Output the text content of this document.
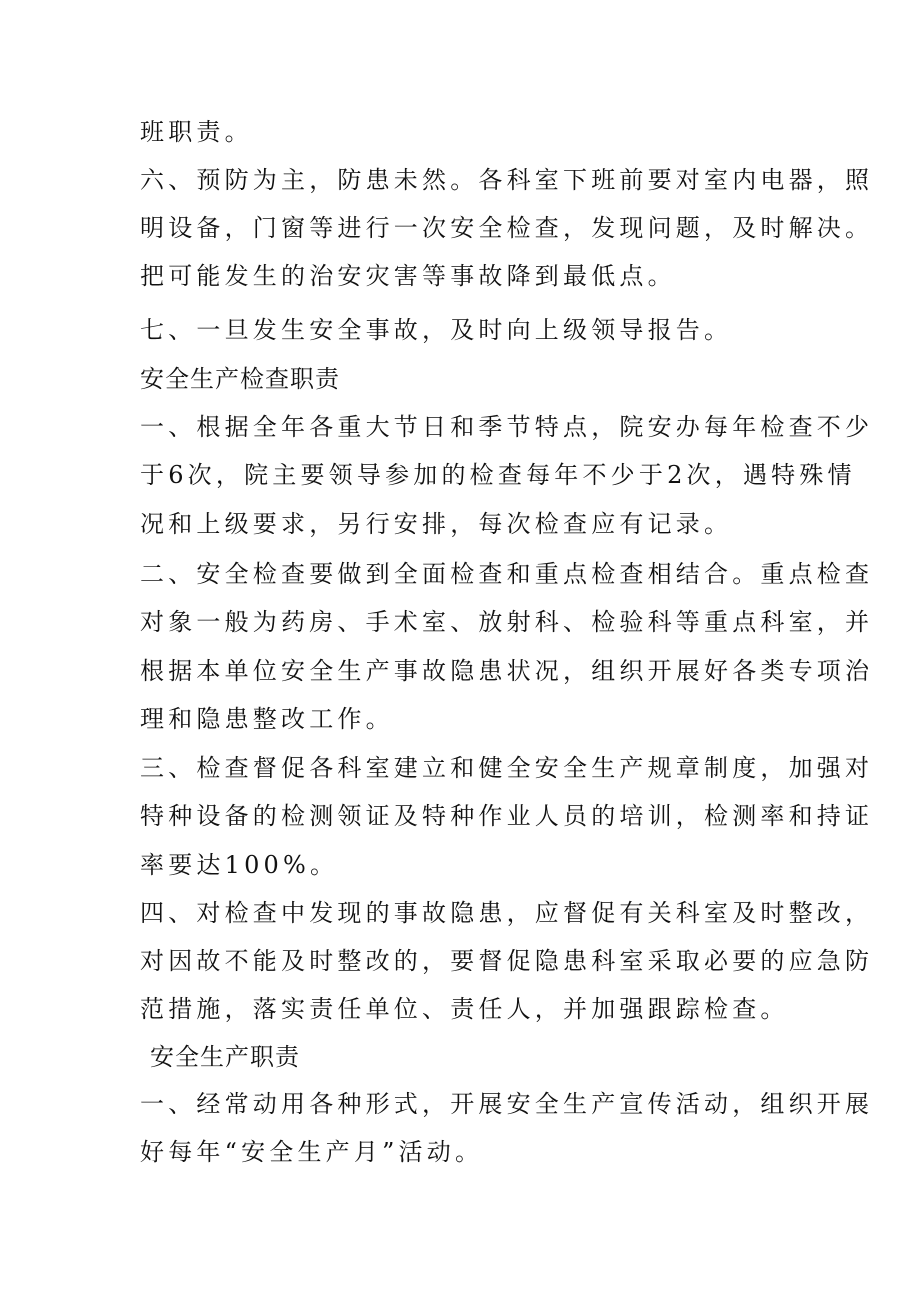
班职责。
六、预防为主，防患未然。各科室下班前要对室内电器，照
明设备，门窗等进行一次安全检查，发现问题，及时解决。
把可能发生的治安灾害等事故降到最低点。
七、一旦发生安全事故，及时向上级领导报告。
安全生产检查职责
一、根据全年各重大节日和季节特点，院安办每年检查不少
于6次，院主要领导参加的检查每年不少于2次，遇特殊情
况和上级要求，另行安排，每次检查应有记录。
二、安全检查要做到全面检查和重点检查相结合。重点检查
对象一般为药房、手术室、放射科、检验科等重点科室，并
根据本单位安全生产事故隐患状况，组织开展好各类专项治
理和隐患整改工作。
三、检查督促各科室建立和健全安全生产规章制度，加强对
特种设备的检测领证及特种作业人员的培训，检测率和持证
率要达100%。
四、对检查中发现的事故隐患，应督促有关科室及时整改，
对因故不能及时整改的，要督促隐患科室采取必要的应急防
范措施，落实责任单位、责任人，并加强跟踪检查。
安全生产职责
一、经常动用各种形式，开展安全生产宣传活动，组织开展
好每年“安全生产月”活动。
